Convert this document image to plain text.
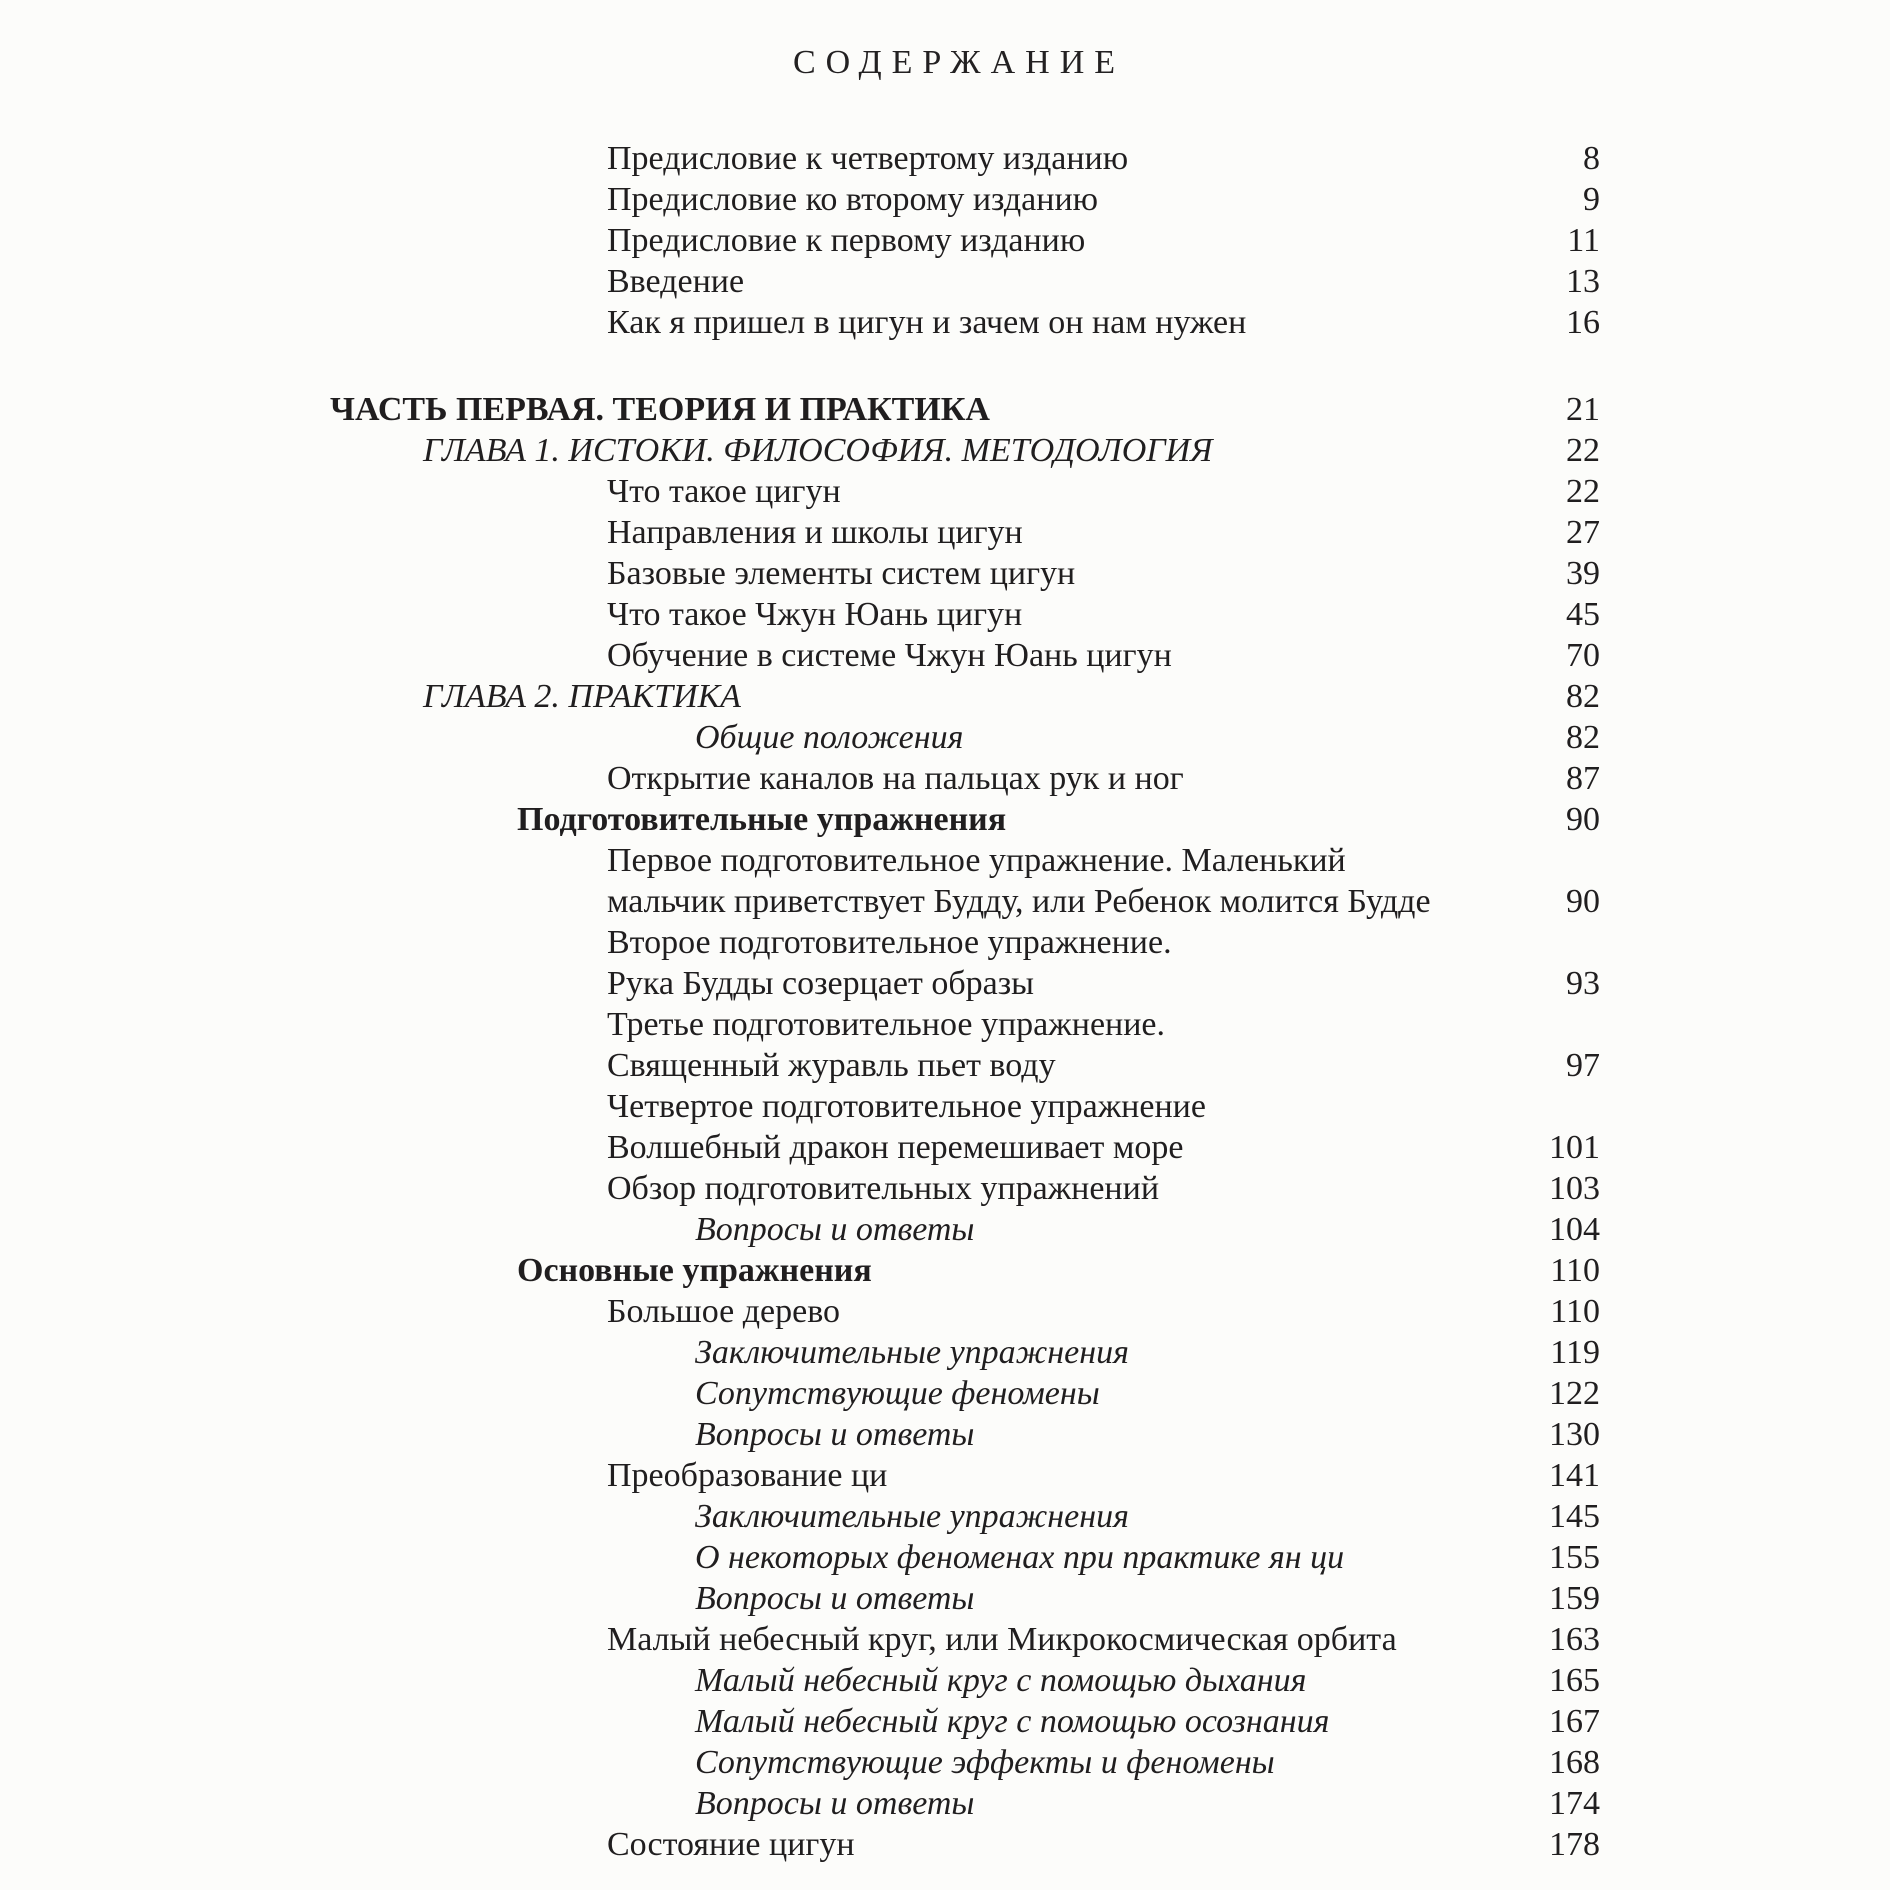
СОДЕРЖАНИЕ
Предисловие к четвертому изданию	8
Предисловие ко второму изданию	9
Предисловие к первому изданию	11
Введение	13
Как я пришел в цигун и зачем он нам нужен	16
ЧАСТЬ ПЕРВАЯ. ТЕОРИЯ И ПРАКТИКА	21
ГЛАВА 1. ИСТОКИ. ФИЛОСОФИЯ. МЕТОДОЛОГИЯ	22
Что такое цигун	22
Направления и школы цигун	27
Базовые элементы систем цигун	39
Что такое Чжун Юань цигун	45
Обучение в системе Чжун Юань цигун	70
ГЛАВА 2. ПРАКТИКА	82
Общие положения	82
Открытие каналов на пальцах рук и ног	87
Подготовительные упражнения	90
Первое подготовительное упражнение. Маленький
мальчик приветствует Будду, или Ребенок молится Будде	90
Второе подготовительное упражнение.
Рука Будды созерцает образы	93
Третье подготовительное упражнение.
Священный журавль пьет воду	97
Четвертое подготовительное упражнение
Волшебный дракон перемешивает море	101
Обзор подготовительных упражнений	103
Вопросы и ответы	104
Основные упражнения	110
Большое дерево	110
Заключительные упражнения	119
Сопутствующие феномены	122
Вопросы и ответы	130
Преобразование ци	141
Заключительные упражнения	145
О некоторых феноменах при практике ян ци	155
Вопросы и ответы	159
Малый небесный круг, или Микрокосмическая орбита	163
Малый небесный круг с помощью дыхания	165
Малый небесный круг с помощью осознания	167
Сопутствующие эффекты и феномены	168
Вопросы и ответы	174
Состояние цигун	178
